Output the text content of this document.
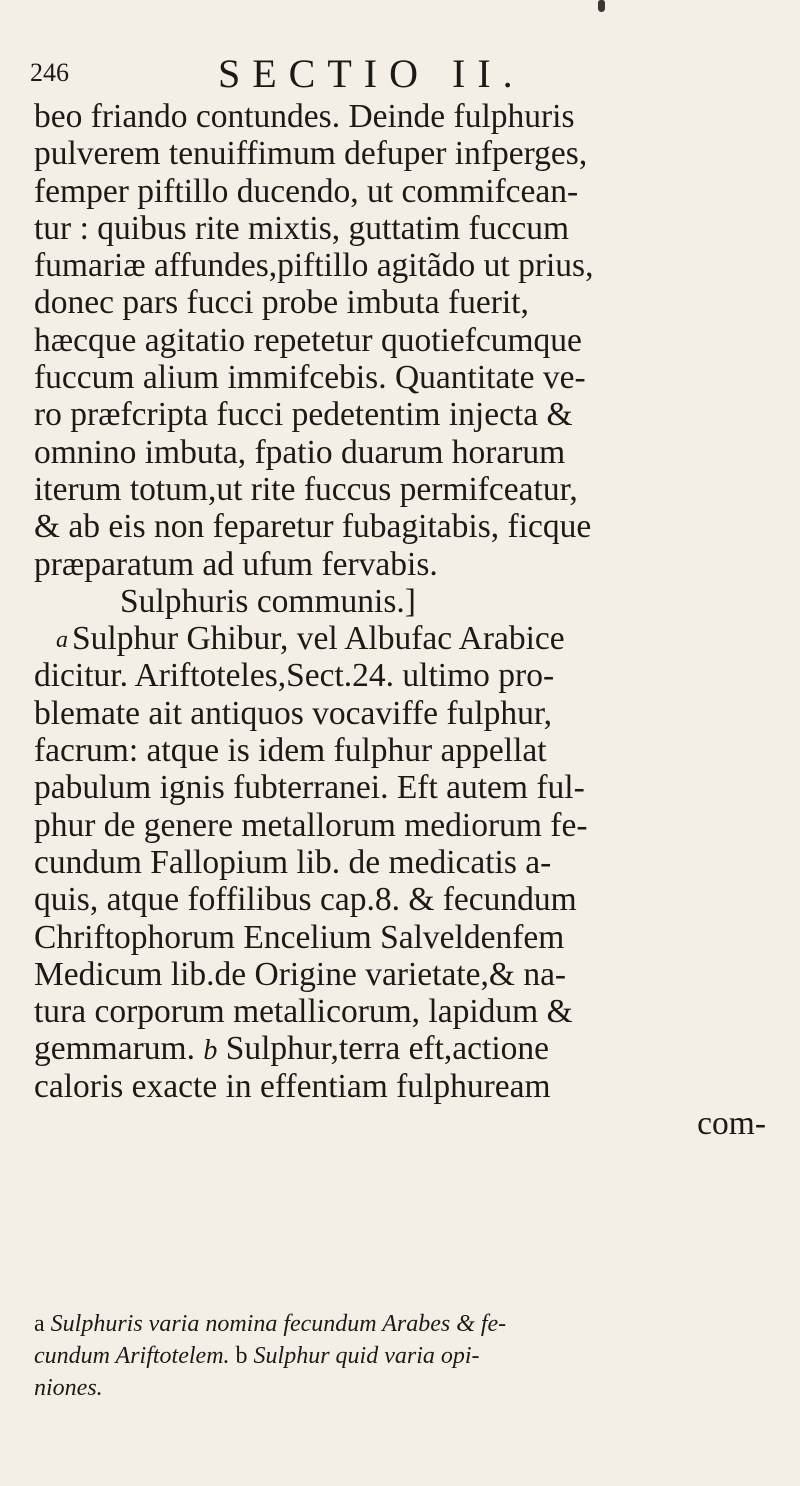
246	SECTIO II.
beo friando contundes. Deinde fulphuris
pulverem tenuiffimum defuper infperges,
femper piftillo ducendo, ut commifcean-
tur : quibus rite mixtis, guttatim fuccum
fumariæ affundes,piftillo agitãdo ut prius,
donec pars fucci probe imbuta fuerit,
hæcque agitatio repetetur quotiefcumque
fuccum alium immifcebis. Quantitate ve-
ro præfcripta fucci pedetentim injecta &
omnino imbuta, fpatio duarum horarum
iterum totum,ut rite fuccus permifceatur,
& ab eis non feparetur fubagitabis, ficque
præparatum ad ufum fervabis.
Sulphuris communis.]
a Sulphur Ghibur, vel Albufac Arabice
dicitur. Ariftoteles,Sect.24. ultimo pro-
blemate ait antiquos vocaviffe fulphur,
facrum: atque is idem fulphur appellat
pabulum ignis fubterranei. Eft autem ful-
phur de genere metallorum mediorum fe-
cundum Fallopium lib. de medicatis a-
quis, atque foffilibus cap.8. & fecundum
Chriftophorum Encelium Salveldenfem
Medicum lib.de Origine varietate,& na-
tura corporum metallicorum, lapidum &
gemmarum. b Sulphur,terra eft,actione
caloris exacte in effentiam fulphuream
com-
a Sulphuris varia nomina fecundum Arabes & fe-
cundum Ariftotelem. b Sulphur quid varia opi-
niones.
